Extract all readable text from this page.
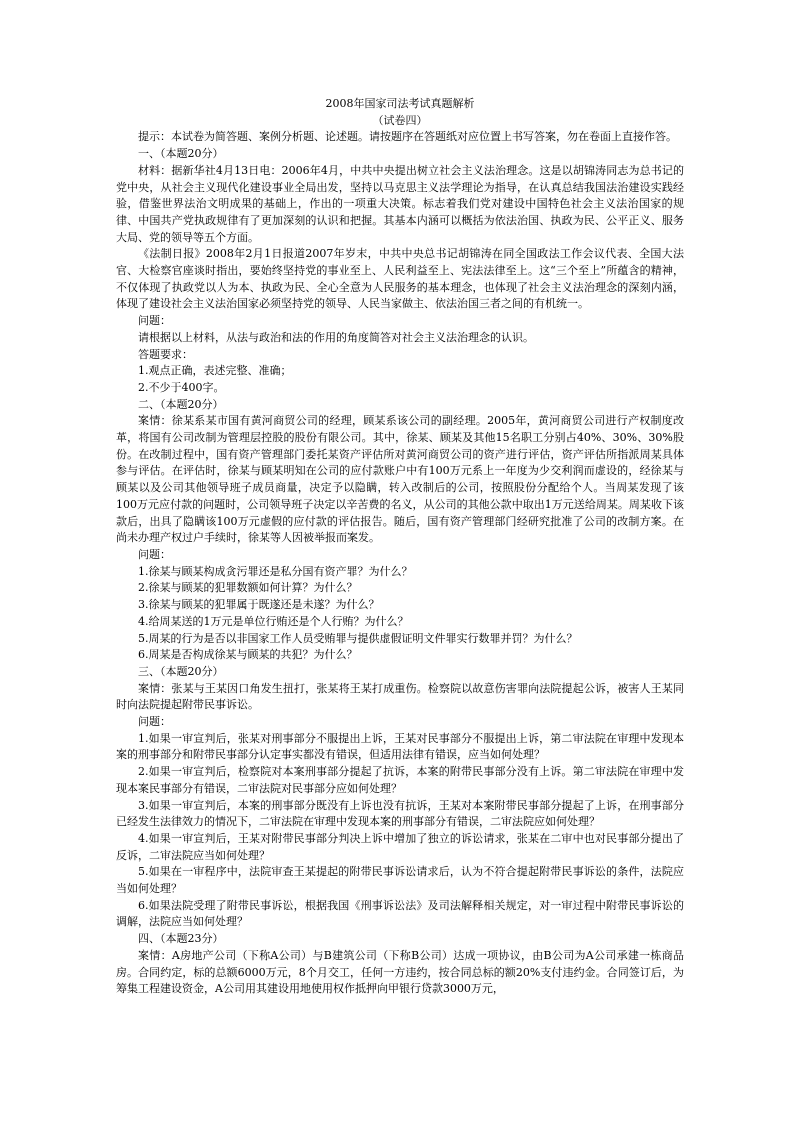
2008年国家司法考试真题解析

（试卷四）

提示：本试卷为简答题、案例分析题、论述题。请按题序在答题纸对应位置上书写答案，勿在卷面上直接作答。

一、（本题20分）

材料：据新华社4月13日电：2006年4月，中共中央提出树立社会主义法治理念。这是以胡锦涛同志为总书记的党中央，从社会主义现代化建设事业全局出发，坚持以马克思主义法学理论为指导，在认真总结我国法治建设实践经验，借鉴世界法治文明成果的基础上，作出的一项重大决策。标志着我们党对建设中国特色社会主义法治国家的规律、中国共产党执政规律有了更加深刻的认识和把握。其基本内涵可以概括为依法治国、执政为民、公平正义、服务大局、党的领导等五个方面。

《法制日报》2008年2月1日报道2007年岁末，中共中央总书记胡锦涛在同全国政法工作会议代表、全国大法官、大检察官座谈时指出，要始终坚持党的事业至上、人民利益至上、宪法法律至上。这“三个至上”所蕴含的精神，不仅体现了执政党以人为本、执政为民、全心全意为人民服务的基本理念，也体现了社会主义法治理念的深刻内涵，体现了建设社会主义法治国家必须坚持党的领导、人民当家做主、依法治国三者之间的有机统一。

问题：

请根据以上材料，从法与政治和法的作用的角度简答对社会主义法治理念的认识。

答题要求：

1.观点正确，表述完整、准确；

2.不少于400字。

二、（本题20分）

案情：徐某系某市国有黄河商贸公司的经理，顾某系该公司的副经理。2005年，黄河商贸公司进行产权制度改革，将国有公司改制为管理层控股的股份有限公司。其中，徐某、顾某及其他15名职工分别占40%、30%、30%股份。在改制过程中，国有资产管理部门委托某资产评估所对黄河商贸公司的资产进行评估，资产评估所指派周某具体参与评估。在评估时，徐某与顾某明知在公司的应付款账户中有100万元系上一年度为少交利润而虚设的，经徐某与顾某以及公司其他领导班子成员商量，决定予以隐瞒，转入改制后的公司，按照股份分配给个人。当周某发现了该100万元应付款的问题时，公司领导班子决定以辛苦费的名义，从公司的其他公款中取出1万元送给周某。周某收下该款后，出具了隐瞒该100万元虚假的应付款的评估报告。随后，国有资产管理部门经研究批准了公司的改制方案。在尚未办理产权过户手续时，徐某等人因被举报而案发。

问题：

1.徐某与顾某构成贪污罪还是私分国有资产罪？为什么？
2.徐某与顾某的犯罪数额如何计算？为什么？
3.徐某与顾某的犯罪属于既遂还是未遂？为什么？
4.给周某送的1万元是单位行贿还是个人行贿？为什么？
5.周某的行为是否以非国家工作人员受贿罪与提供虚假证明文件罪实行数罪并罚？为什么？
6.周某是否构成徐某与顾某的共犯？为什么？

三、（本题20分）

案情：张某与王某因口角发生扭打，张某将王某打成重伤。检察院以故意伤害罪向法院提起公诉，被害人王某同时向法院提起附带民事诉讼。

问题：

1.如果一审宣判后，张某对刑事部分不服提出上诉，王某对民事部分不服提出上诉，第二审法院在审理中发现本案的刑事部分和附带民事部分认定事实都没有错误，但适用法律有错误，应当如何处理？
2.如果一审宣判后，检察院对本案刑事部分提起了抗诉，本案的附带民事部分没有上诉。第二审法院在审理中发现本案民事部分有错误，二审法院对民事部分应如何处理？
3.如果一审宣判后，本案的刑事部分既没有上诉也没有抗诉，王某对本案附带民事部分提起了上诉，在刑事部分已经发生法律效力的情况下，二审法院在审理中发现本案的刑事部分有错误，二审法院应如何处理？
4.如果一审宣判后，王某对附带民事部分判决上诉中增加了独立的诉讼请求，张某在二审中也对民事部分提出了反诉，二审法院应当如何处理？
5.如果在一审程序中，法院审查王某提起的附带民事诉讼请求后，认为不符合提起附带民事诉讼的条件，法院应当如何处理？
6.如果法院受理了附带民事诉讼，根据我国《刑事诉讼法》及司法解释相关规定，对一审过程中附带民事诉讼的调解，法院应当如何处理？

四、（本题23分）

案情：A房地产公司（下称A公司）与B建筑公司（下称B公司）达成一项协议，由B公司为A公司承建一栋商品房。合同约定，标的总额6000万元，8个月交工，任何一方违约，按合同总标的额20%支付违约金。合同签订后，为筹集工程建设资金，A公司用其建设用地使用权作抵押向甲银行贷款3000万元，
